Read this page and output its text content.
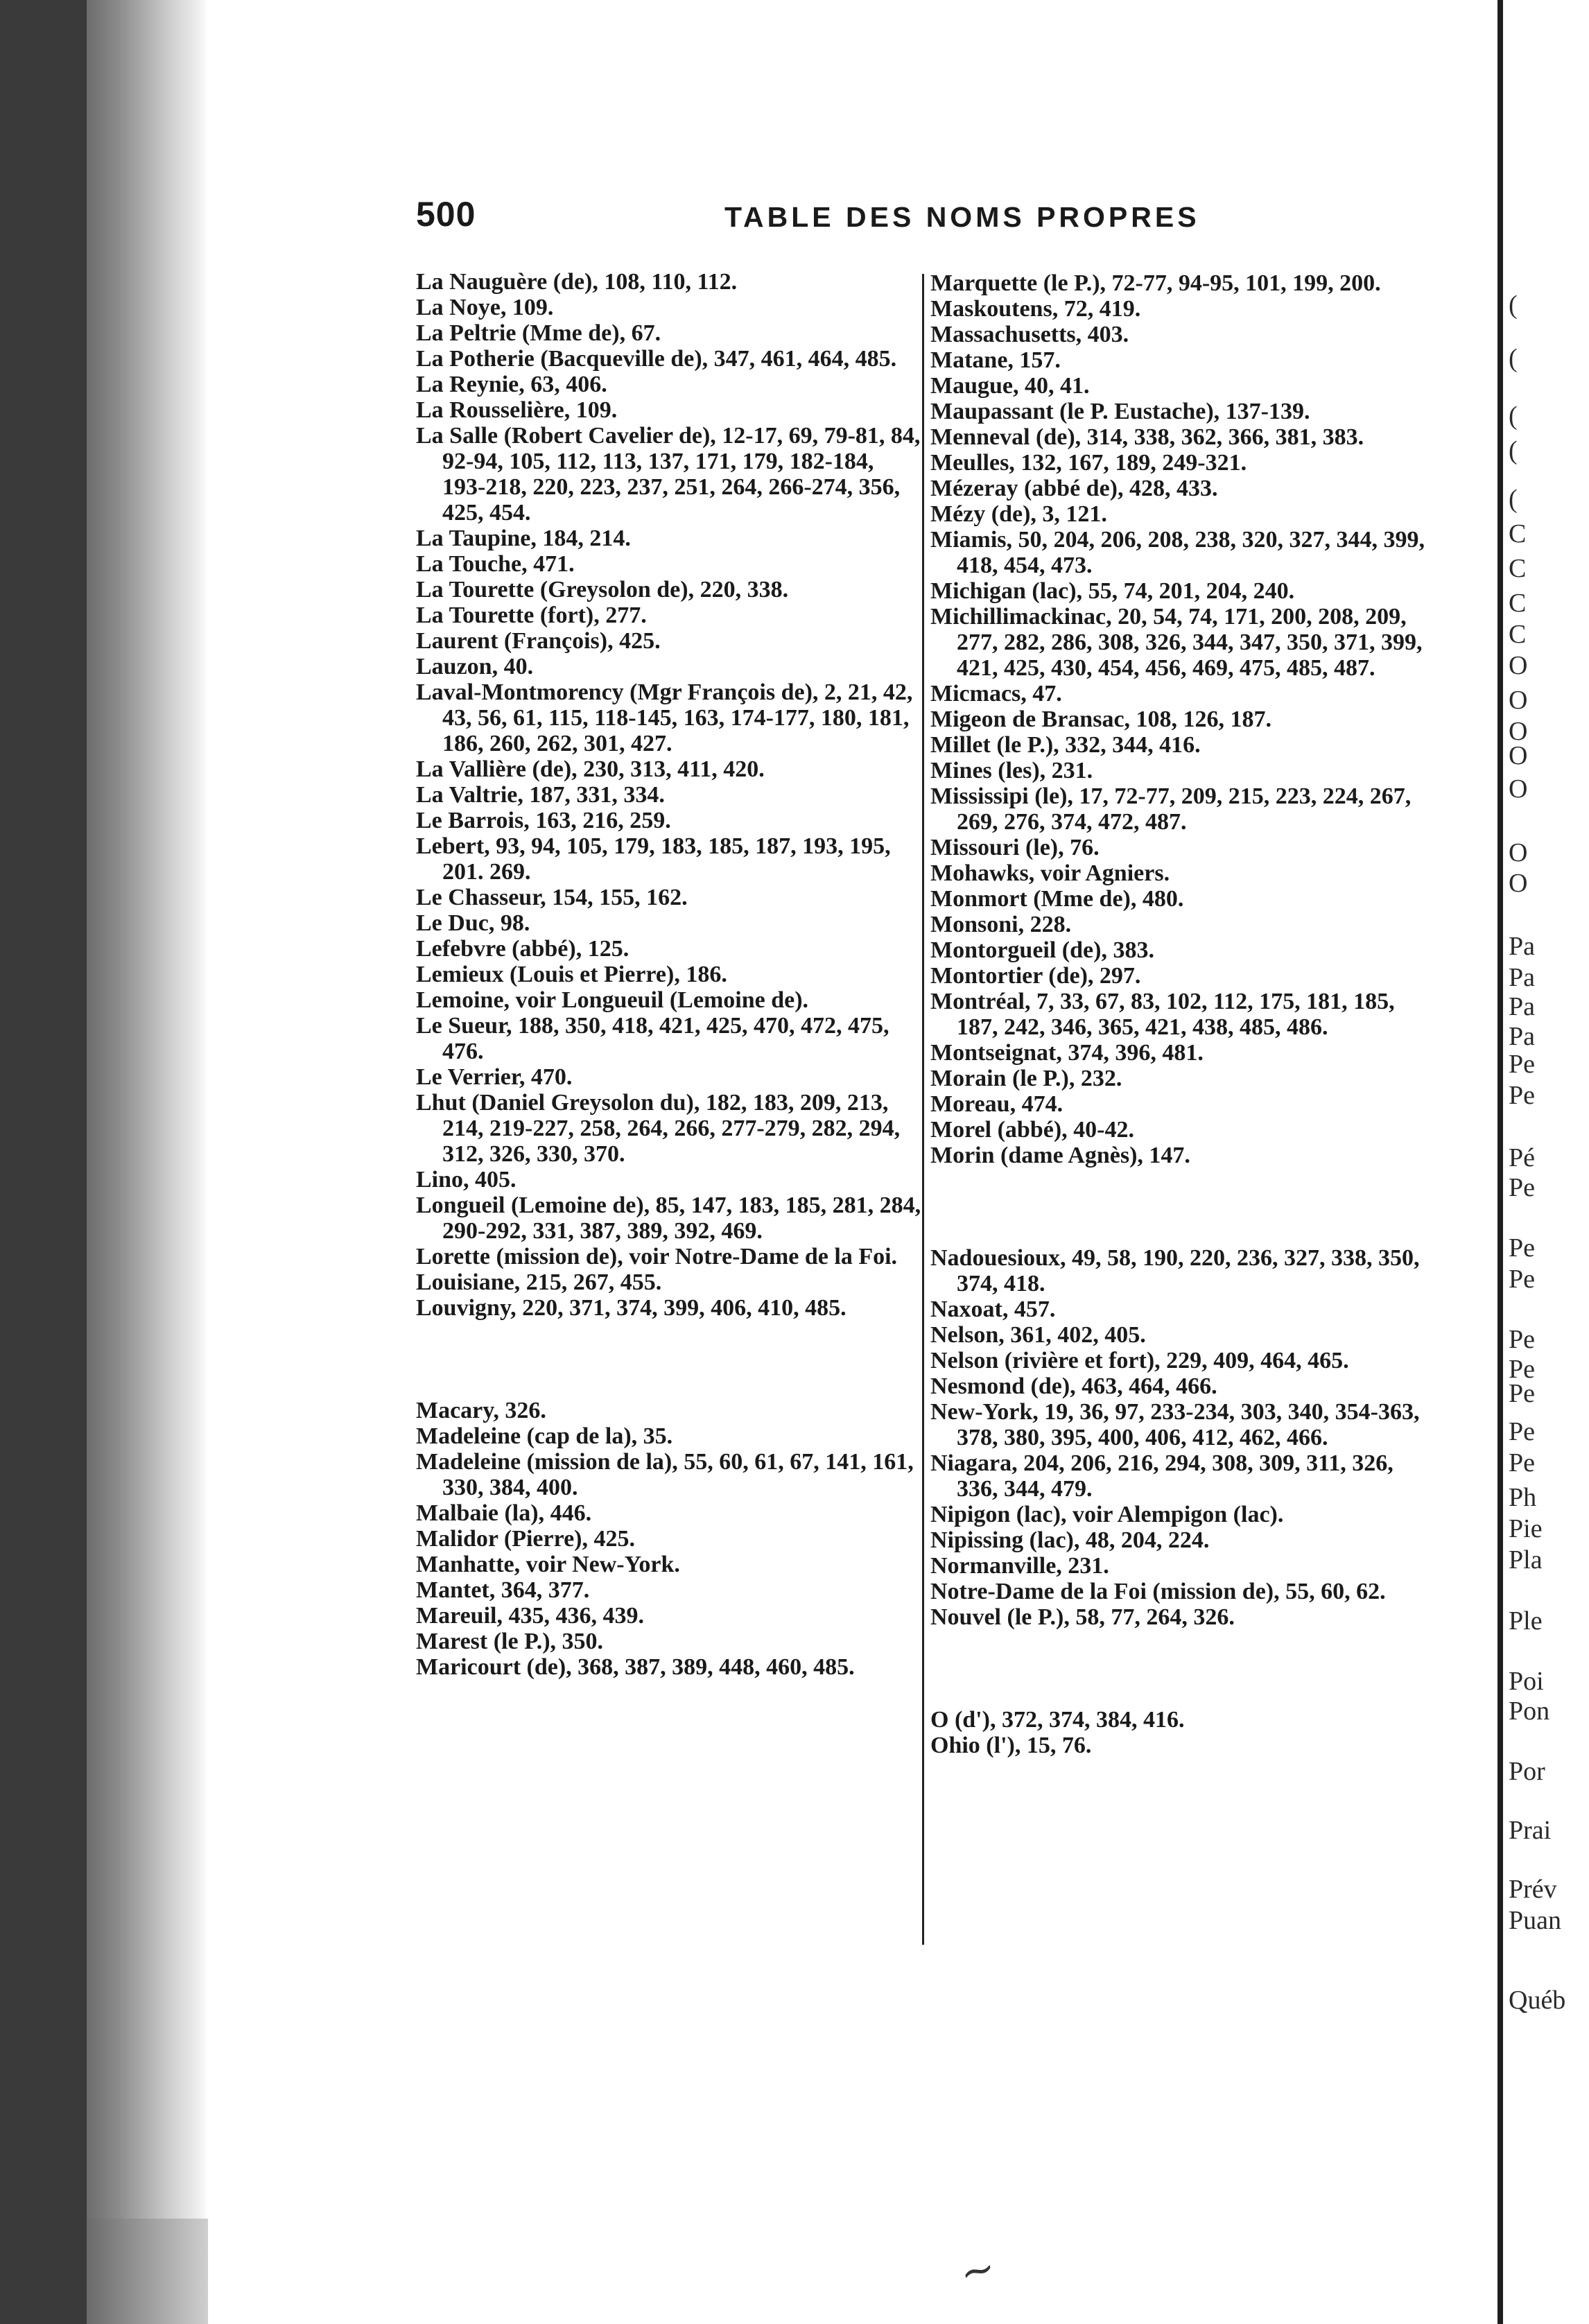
500	TABLE DES NOMS PROPRES
La Nauguère (de), 108, 110, 112.
La Noye, 109.
La Peltrie (Mme de), 67.
La Potherie (Bacqueville de), 347, 461, 464, 485.
La Reynie, 63, 406.
La Rousselière, 109.
La Salle (Robert Cavelier de), 12-17, 69, 79-81, 84, 92-94, 105, 112, 113, 137, 171, 179, 182-184, 193-218, 220, 223, 237, 251, 264, 266-274, 356, 425, 454.
La Taupine, 184, 214.
La Touche, 471.
La Tourette (Greysolon de), 220, 338.
La Tourette (fort), 277.
Laurent (François), 425.
Lauzon, 40.
Laval-Montmorency (Mgr François de), 2, 21, 42, 43, 56, 61, 115, 118-145, 163, 174-177, 180, 181, 186, 260, 262, 301, 427.
La Vallière (de), 230, 313, 411, 420.
La Valtrie, 187, 331, 334.
Le Barrois, 163, 216, 259.
Lebert, 93, 94, 105, 179, 183, 185, 187, 193, 195, 201. 269.
Le Chasseur, 154, 155, 162.
Le Duc, 98.
Lefebvre (abbé), 125.
Lemieux (Louis et Pierre), 186.
Lemoine, voir Longueuil (Lemoine de).
Le Sueur, 188, 350, 418, 421, 425, 470, 472, 475, 476.
Le Verrier, 470.
Lhut (Daniel Greysolon du), 182, 183, 209, 213, 214, 219-227, 258, 264, 266, 277-279, 282, 294, 312, 326, 330, 370.
Lino, 405.
Longueil (Lemoine de), 85, 147, 183, 185, 281, 284, 290-292, 331, 387, 389, 392, 469.
Lorette (mission de), voir Notre-Dame de la Foi.
Louisiane, 215, 267, 455.
Louvigny, 220, 371, 374, 399, 406, 410, 485.
Macary, 326.
Madeleine (cap de la), 35.
Madeleine (mission de la), 55, 60, 61, 67, 141, 161, 330, 384, 400.
Malbaie (la), 446.
Malidor (Pierre), 425.
Manhatte, voir New-York.
Mantet, 364, 377.
Mareuil, 435, 436, 439.
Marest (le P.), 350.
Maricourt (de), 368, 387, 389, 448, 460, 485.
Marquette (le P.), 72-77, 94-95, 101, 199, 200.
Maskoutens, 72, 419.
Massachusetts, 403.
Matane, 157.
Maugue, 40, 41.
Maupassant (le P. Eustache), 137-139.
Menneval (de), 314, 338, 362, 366, 381, 383.
Meulles, 132, 167, 189, 249-321.
Mézeray (abbé de), 428, 433.
Mézy (de), 3, 121.
Miamis, 50, 204, 206, 208, 238, 320, 327, 344, 399, 418, 454, 473.
Michigan (lac), 55, 74, 201, 204, 240.
Michillimackinac, 20, 54, 74, 171, 200, 208, 209, 277, 282, 286, 308, 326, 344, 347, 350, 371, 399, 421, 425, 430, 454, 456, 469, 475, 485, 487.
Micmacs, 47.
Migeon de Bransac, 108, 126, 187.
Millet (le P.), 332, 344, 416.
Mines (les), 231.
Mississipi (le), 17, 72-77, 209, 215, 223, 224, 267, 269, 276, 374, 472, 487.
Missouri (le), 76.
Mohawks, voir Agniers.
Monmort (Mme de), 480.
Monsoni, 228.
Montorgueil (de), 383.
Montortier (de), 297.
Montréal, 7, 33, 67, 83, 102, 112, 175, 181, 185, 187, 242, 346, 365, 421, 438, 485, 486.
Montseignat, 374, 396, 481.
Morain (le P.), 232.
Moreau, 474.
Morel (abbé), 40-42.
Morin (dame Agnès), 147.
Nadouesioux, 49, 58, 190, 220, 236, 327, 338, 350, 374, 418.
Naxoat, 457.
Nelson, 361, 402, 405.
Nelson (rivière et fort), 229, 409, 464, 465.
Nesmond (de), 463, 464, 466.
New-York, 19, 36, 97, 233-234, 303, 340, 354-363, 378, 380, 395, 400, 406, 412, 462, 466.
Niagara, 204, 206, 216, 294, 308, 309, 311, 326, 336, 344, 479.
Nipigon (lac), voir Alempigon (lac).
Nipissing (lac), 48, 204, 224.
Normanville, 231.
Notre-Dame de la Foi (mission de), 55, 60, 62.
Nouvel (le P.), 58, 77, 264, 326.
O (d'), 372, 374, 384, 416.
Ohio (l'), 15, 76.
(
(
(
(
(
C
C
C
C
O
O
O
O
O
O
O
Pa
Pa
Pa
Pa
Pe
Pe
Pé
Pe
Pe
Pe
Pe
Pe
Pe
Pe
Pe
Ph
Pie
Pla
Ple
Poi
Pon
Por
Prai
Prév
Puan
Québ
~
